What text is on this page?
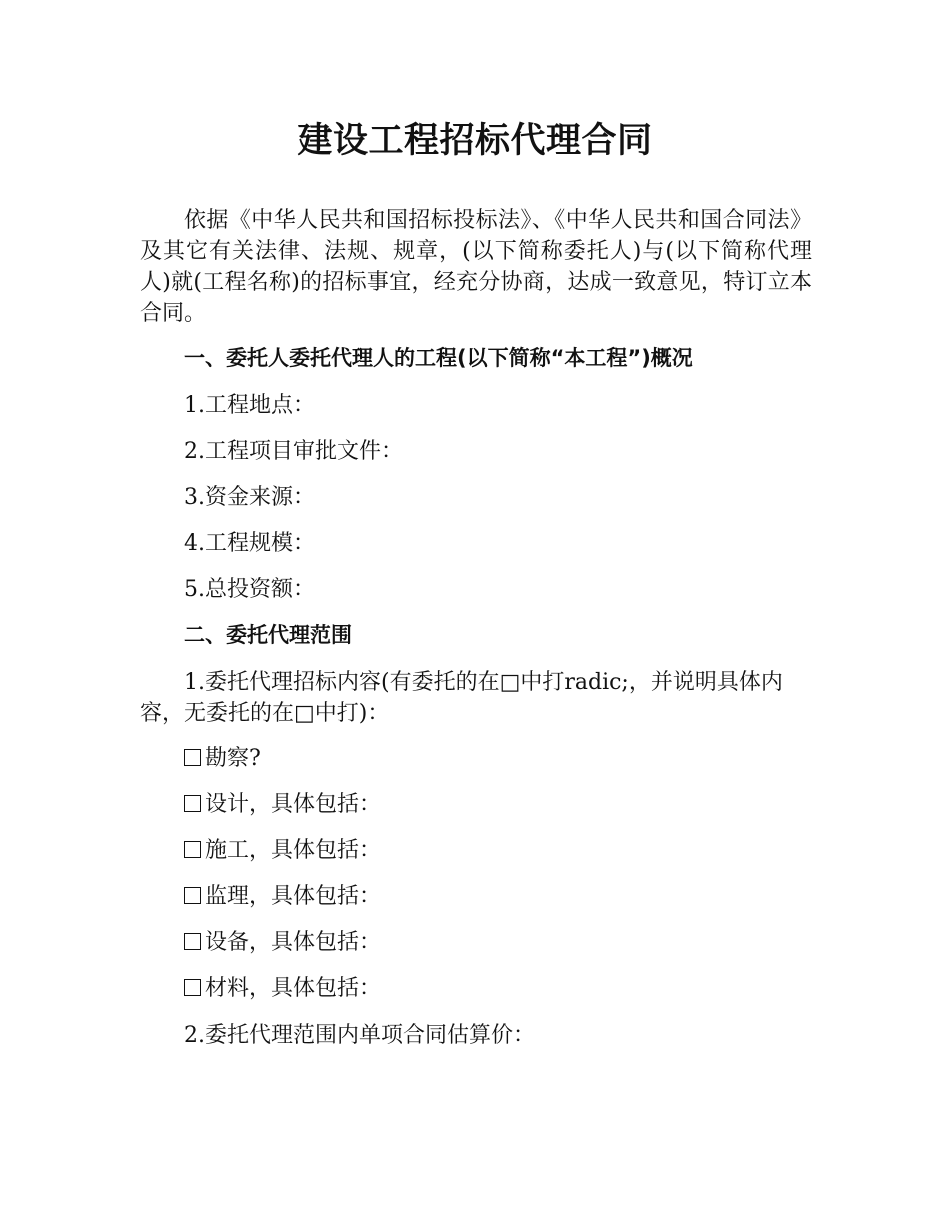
建设工程招标代理合同

依据《中华人民共和国招标投标法》、《中华人民共和国合同法》及其它有关法律、法规、规章，(以下简称委托人)与(以下简称代理人)就(工程名称)的招标事宜，经充分协商，达成一致意见，特订立本合同。

一、委托人委托代理人的工程(以下简称“本工程”)概况
1.工程地点：
2.工程项目审批文件：
3.资金来源：
4.工程规模：
5.总投资额：
二、委托代理范围

1.委托代理招标内容(有委托的在□中打radic;，并说明具体内容，无委托的在□中打)：

勘察?
设计，具体包括：
施工，具体包括：
监理，具体包括：
设备，具体包括：
材料，具体包括：
2.委托代理范围内单项合同估算价：
